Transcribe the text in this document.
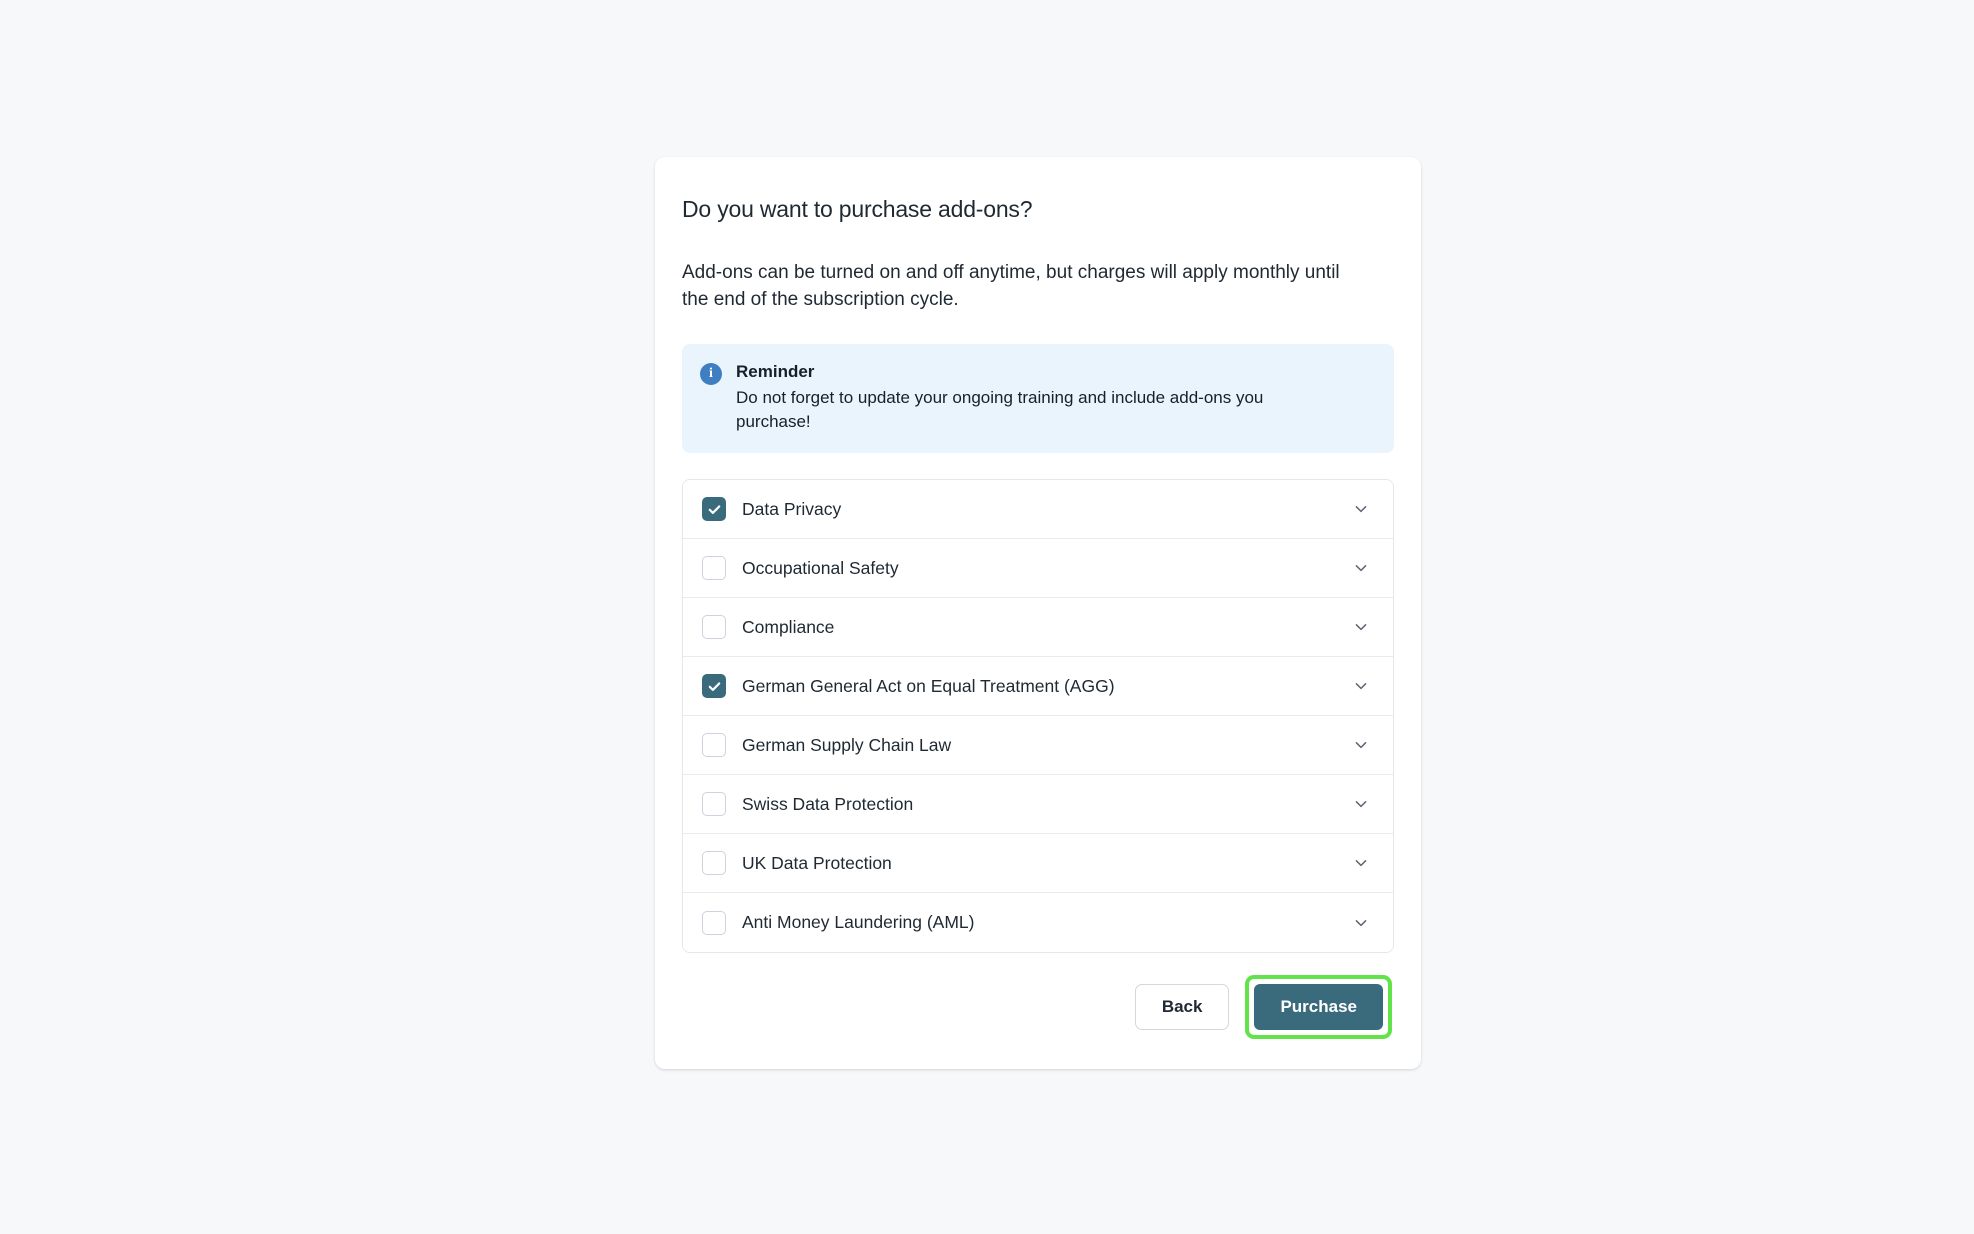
Do you want to purchase add-ons?

Add-ons can be turned on and off anytime, but charges will apply monthly until the end of the subscription cycle.

i	Reminder
Do not forget to update your ongoing training and include add-ons you purchase!
Data Privacy
Occupational Safety
Compliance
German General Act on Equal Treatment (AGG)
German Supply Chain Law
Swiss Data Protection
UK Data Protection
Anti Money Laundering (AML)
Back	Purchase
